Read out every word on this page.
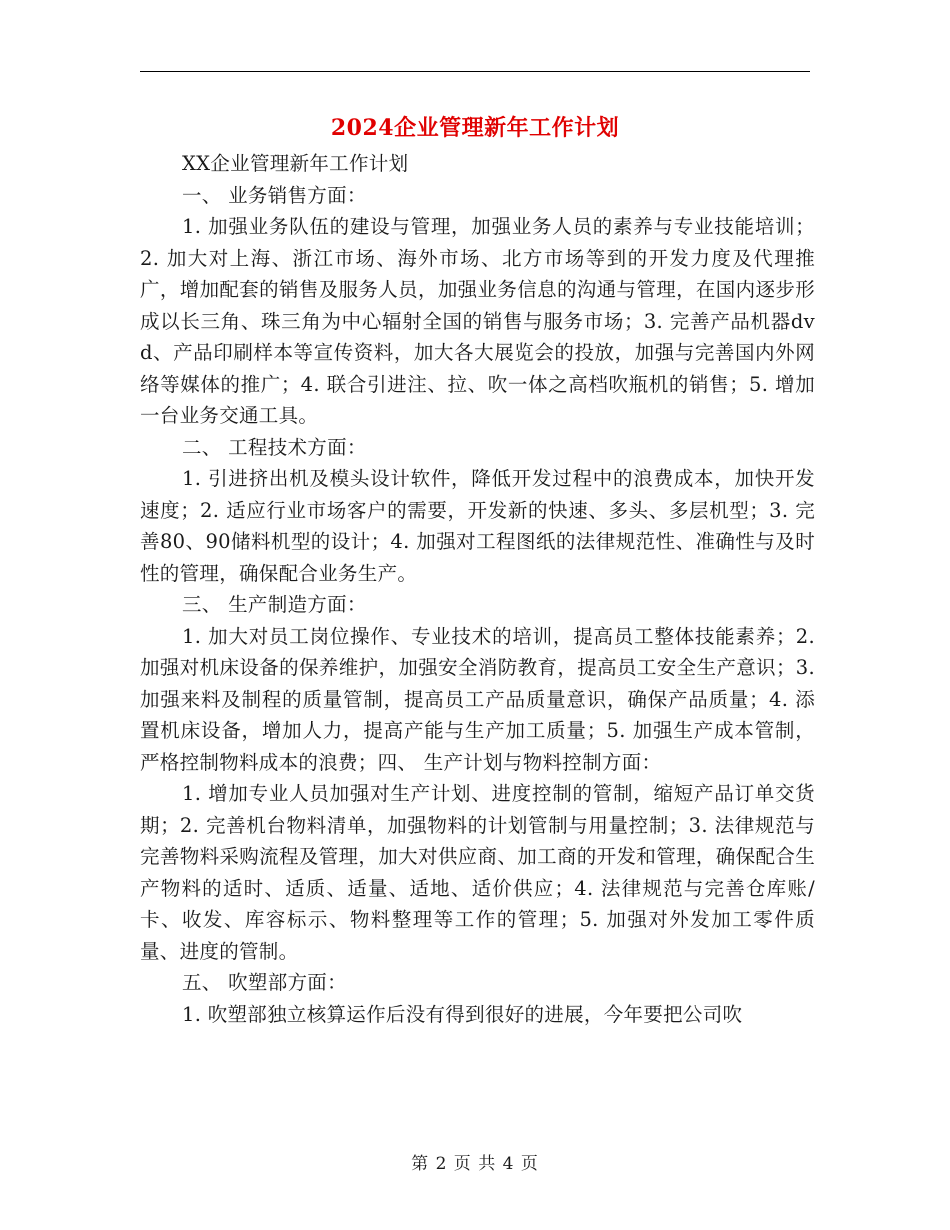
2024企业管理新年工作计划

XX企业管理新年工作计划

一、 业务销售方面：

1. 加强业务队伍的建设与管理，加强业务人员的素养与专业技能培训；2. 加大对上海、浙江市场、海外市场、北方市场等到的开发力度及代理推广，增加配套的销售及服务人员，加强业务信息的沟通与管理，在国内逐步形成以长三角、珠三角为中心辐射全国的销售与服务市场；3. 完善产品机器dvd、产品印刷样本等宣传资料，加大各大展览会的投放，加强与完善国内外网络等媒体的推广；4. 联合引进注、拉、吹一体之高档吹瓶机的销售；5. 增加一台业务交通工具。

二、 工程技术方面：

1. 引进挤出机及模头设计软件，降低开发过程中的浪费成本，加快开发速度；2. 适应行业市场客户的需要，开发新的快速、多头、多层机型；3. 完善80、90储料机型的设计；4. 加强对工程图纸的法律规范性、准确性与及时性的管理，确保配合业务生产。

三、 生产制造方面：

1. 加大对员工岗位操作、专业技术的培训，提高员工整体技能素养；2. 加强对机床设备的保养维护，加强安全消防教育，提高员工安全生产意识；3. 加强来料及制程的质量管制，提高员工产品质量意识，确保产品质量；4. 添置机床设备，增加人力，提高产能与生产加工质量；5. 加强生产成本管制，严格控制物料成本的浪费；四、 生产计划与物料控制方面：

1. 增加专业人员加强对生产计划、进度控制的管制，缩短产品订单交货期；2. 完善机台物料清单，加强物料的计划管制与用量控制；3. 法律规范与完善物料采购流程及管理，加大对供应商、加工商的开发和管理，确保配合生产物料的适时、适质、适量、适地、适价供应；4. 法律规范与完善仓库账/卡、收发、库容标示、物料整理等工作的管理；5. 加强对外发加工零件质量、进度的管制。

五、 吹塑部方面：

1. 吹塑部独立核算运作后没有得到很好的进展，今年要把公司吹

第 2 页 共 4 页
